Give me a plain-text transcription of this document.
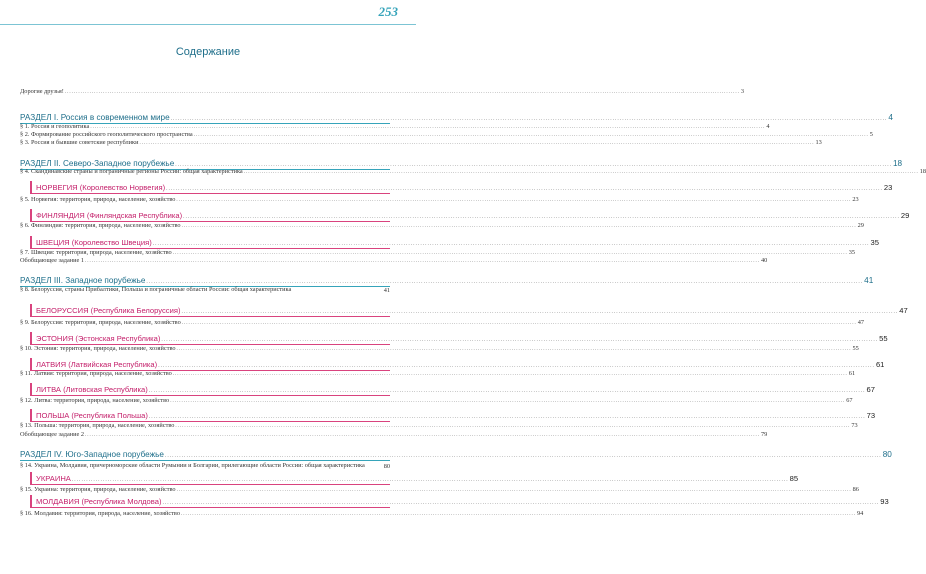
253
Содержание
Дорогие друзья! ............................................................................................................................................................................................................................................................................................................ 3
РАЗДЕЛ I. Россия в современном мире ............................................................................................................................................................................................................................................................................................................ 4
§ 1. Россия и геополитика ............................................................................................................................................................................................................................................................................................................ 4
§ 2. Формирование российского геополитического пространства ............................................................................................................................................................................................................................................................................................................ 5
§ 3. Россия и бывшие советские республики ............................................................................................................................................................................................................................................................................................................ 13
РАЗДЕЛ II. Северо-Западное порубежье ............................................................................................................................................................................................................................................................................................................ 18
§ 4. Скандинавские страны и пограничные регионы России: общая характеристика ............................................................................................................................................................................................................................................................................................................ 18
НОРВЕГИЯ (Королевство Норвегия) ............................................................................................................................................................................................................................................................................................................ 23
§ 5. Норвегия: территория, природа, население, хозяйство ............................................................................................................................................................................................................................................................................................................ 23
ФИНЛЯНДИЯ (Финляндская Республика) ............................................................................................................................................................................................................................................................................................................ 29
§ 6. Финляндия: территория, природа, население, хозяйство ............................................................................................................................................................................................................................................................................................................ 29
ШВЕЦИЯ (Королевство Швеция) ............................................................................................................................................................................................................................................................................................................ 35
§ 7. Швеция: территория, природа, население, хозяйство ............................................................................................................................................................................................................................................................................................................ 35
Обобщающее задание 1 ............................................................................................................................................................................................................................................................................................................ 40
РАЗДЕЛ III. Западное порубежье ............................................................................................................................................................................................................................................................................................................ 41
§ 8. Белоруссия, страны Прибалтики, Польша и пограничные области России: общая характеристика	41
БЕЛОРУССИЯ (Республика Белоруссия) ............................................................................................................................................................................................................................................................................................................ 47
§ 9. Белоруссия: территория, природа, население, хозяйство ............................................................................................................................................................................................................................................................................................................ 47
ЭСТОНИЯ (Эстонская Республика) ............................................................................................................................................................................................................................................................................................................ 55
§ 10. Эстония: территория, природа, население, хозяйство ............................................................................................................................................................................................................................................................................................................ 55
ЛАТВИЯ (Латвийская Республика) ............................................................................................................................................................................................................................................................................................................ 61
§ 11. Латвия: территория, природа, население, хозяйство ............................................................................................................................................................................................................................................................................................................ 61
ЛИТВА (Литовская Республика) ............................................................................................................................................................................................................................................................................................................ 67
§ 12. Литва: территория, природа, население, хозяйство ............................................................................................................................................................................................................................................................................................................ 67
ПОЛЬША (Республика Польша) ............................................................................................................................................................................................................................................................................................................ 73
§ 13. Польша: территория, природа, население, хозяйство ............................................................................................................................................................................................................................................................................................................ 73
Обобщающее задание 2 ............................................................................................................................................................................................................................................................................................................ 79
РАЗДЕЛ IV. Юго-Западное порубежье ............................................................................................................................................................................................................................................................................................................ 80
§ 14. Украина, Молдавия, причерноморские области Румынии и Болгарии, прилегающие области России: общая характеристика	80
УКРАИНА ............................................................................................................................................................................................................................................................................................................ 85
§ 15. Украина: территория, природа, население, хозяйство ............................................................................................................................................................................................................................................................................................................ 86
МОЛДАВИЯ (Республика Молдова) ............................................................................................................................................................................................................................................................................................................ 93
§ 16. Молдавия: территория, природа, население, хозяйство ............................................................................................................................................................................................................................................................................................................ 94
